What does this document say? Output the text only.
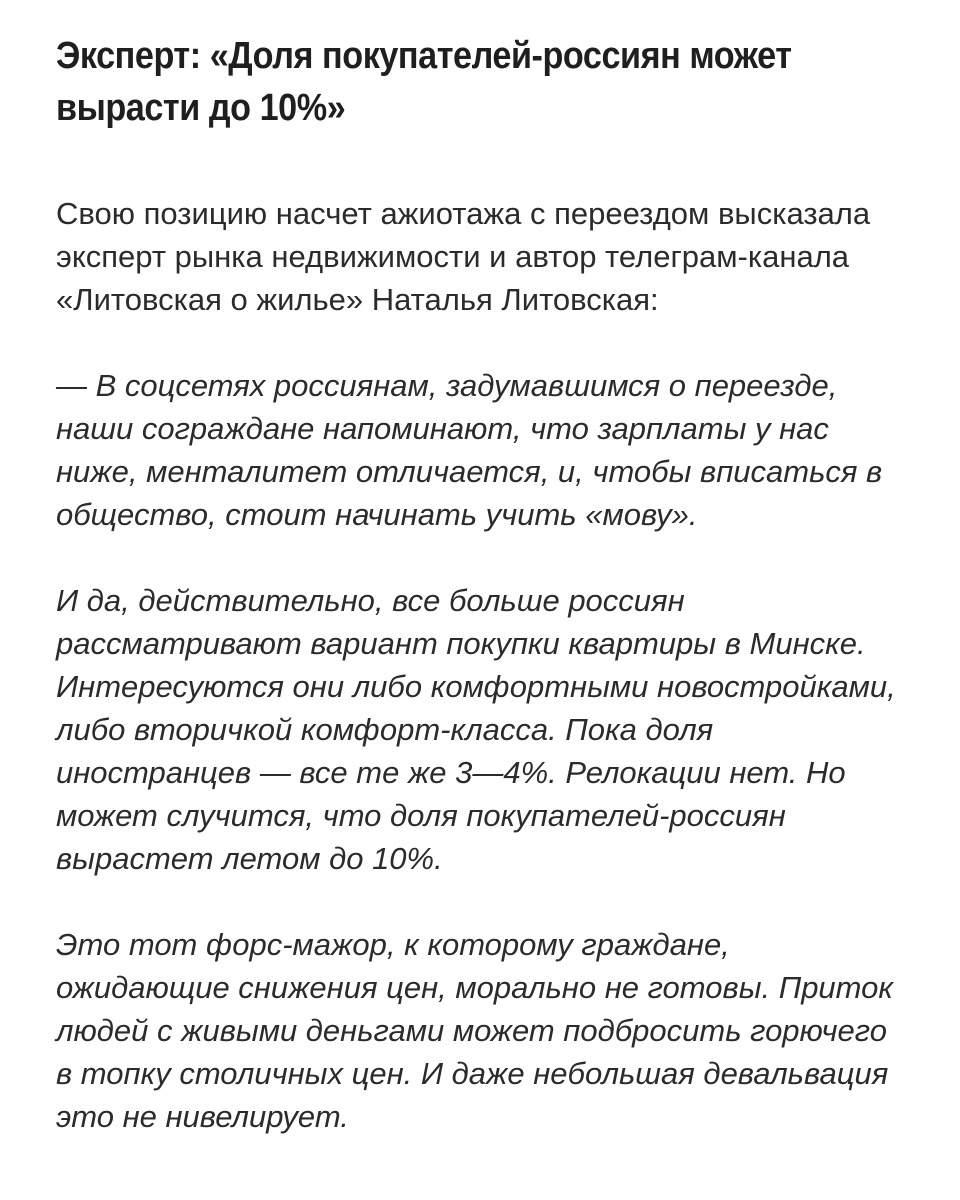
Эксперт: «Доля покупателей-россиян может вырасти до 10%»

Свою позицию насчет ажиотажа с переездом высказала эксперт рынка недвижимости и автор телеграм-канала «Литовская о жилье» Наталья Литовская:

— В соцсетях россиянам, задумавшимся о переезде, наши сограждане напоминают, что зарплаты у нас ниже, менталитет отличается, и, чтобы вписаться в общество, стоит начинать учить «мову».

И да, действительно, все больше россиян рассматривают вариант покупки квартиры в Минске. Интересуются они либо комфортными новостройками, либо вторичкой комфорт-класса. Пока доля иностранцев — все те же 3—4%. Релокации нет. Но может случится, что доля покупателей-россиян вырастет летом до 10%.

Это тот форс-мажор, к которому граждане, ожидающие снижения цен, морально не готовы. Приток людей с живыми деньгами может подбросить горючего в топку столичных цен. И даже небольшая девальвация это не нивелирует.
